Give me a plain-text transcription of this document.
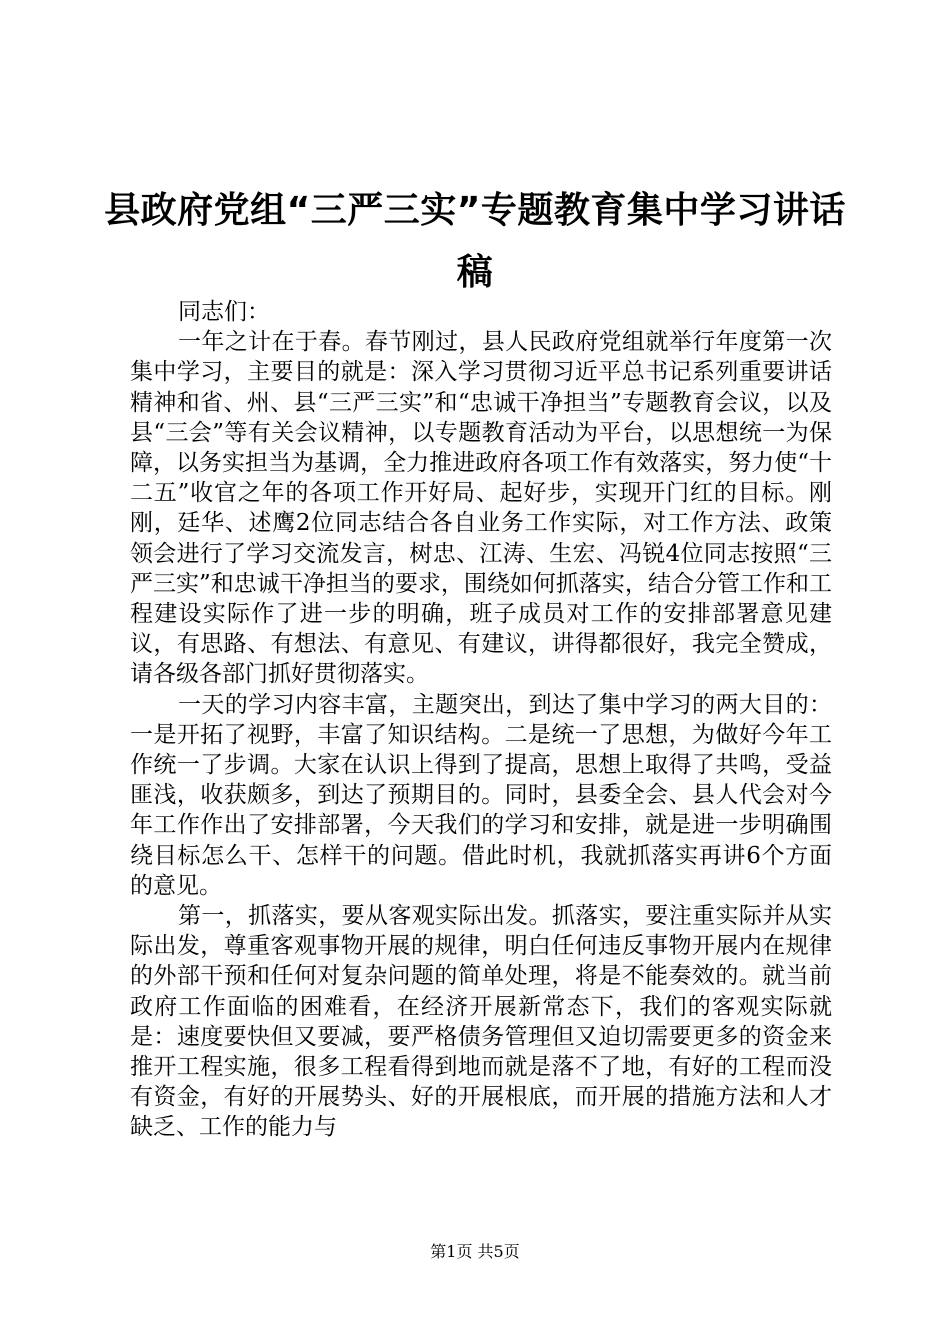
县政府党组“三严三实”专题教育集中学习讲话稿

同志们：

一年之计在于春。春节刚过，县人民政府党组就举行年度第一次集中学习，主要目的就是：深入学习贯彻习近平总书记系列重要讲话精神和省、州、县“三严三实”和“忠诚干净担当”专题教育会议，以及县“三会”等有关会议精神，以专题教育活动为平台，以思想统一为保障，以务实担当为基调，全力推进政府各项工作有效落实，努力使“十二五”收官之年的各项工作开好局、起好步，实现开门红的目标。刚刚，廷华、述鹰2位同志结合各自业务工作实际，对工作方法、政策领会进行了学习交流发言，树忠、江涛、生宏、冯锐4位同志按照“三严三实”和忠诚干净担当的要求，围绕如何抓落实，结合分管工作和工程建设实际作了进一步的明确，班子成员对工作的安排部署意见建议，有思路、有想法、有意见、有建议，讲得都很好，我完全赞成，请各级各部门抓好贯彻落实。

一天的学习内容丰富，主题突出，到达了集中学习的两大目的：一是开拓了视野，丰富了知识结构。二是统一了思想，为做好今年工作统一了步调。大家在认识上得到了提高，思想上取得了共鸣，受益匪浅，收获颇多，到达了预期目的。同时，县委全会、县人代会对今年工作作出了安排部署，今天我们的学习和安排，就是进一步明确围绕目标怎么干、怎样干的问题。借此时机，我就抓落实再讲6个方面的意见。

第一，抓落实，要从客观实际出发。抓落实，要注重实际并从实际出发，尊重客观事物开展的规律，明白任何违反事物开展内在规律的外部干预和任何对复杂问题的简单处理，将是不能奏效的。就当前政府工作面临的困难看，在经济开展新常态下，我们的客观实际就是：速度要快但又要减，要严格债务管理但又迫切需要更多的资金来推开工程实施，很多工程看得到地而就是落不了地，有好的工程而没有资金，有好的开展势头、好的开展根底，而开展的措施方法和人才缺乏、工作的能力与

第1页 共5页
